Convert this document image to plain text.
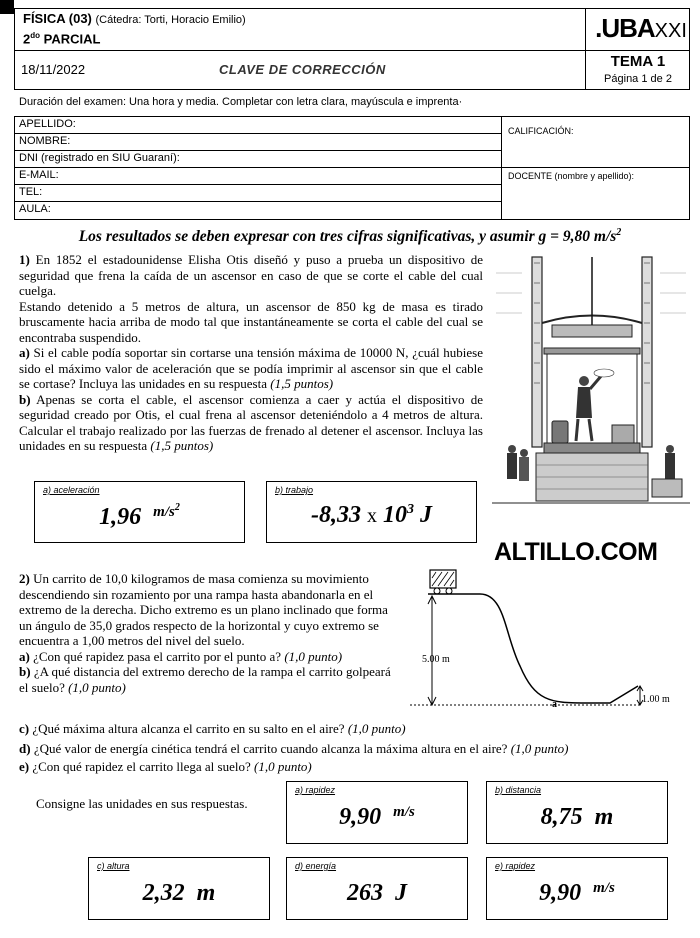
FÍSICA (03) (Cátedra: Torti, Horacio Emilio)
$2^{do}$ PARCIAL	.UBAXXI
18/11/2022	CLAVE DE CORRECCIÓN	TEMA 1
Página 1 de 2
Duración del examen: Una hora y media. Completar con letra clara, mayúscula e imprenta·
APELLIDO:
NOMBRE:
DNI (registrado en SIU Guaraní):
E-MAIL:
TEL:
AULA:
CALIFICACIÓN:
DOCENTE (nombre y apellido):
Los resultados se deben expresar con tres cifras significativas, y asumir g = 9,80 $m/s^2$

1) En 1852 el estadounidense Elisha Otis diseñó y puso a prueba un dispositivo de seguridad que frena la caída de un ascensor en caso de que se corte el cable del cual cuelga.

Estando detenido a 5 metros de altura, un ascensor de 850 kg de masa es tirado bruscamente hacia arriba de modo tal que instantáneamente se corta el cable del cual se encontraba suspendido.

a) Si el cable podía soportar sin cortarse una tensión máxima de 10000 N, ¿cuál hubiese sido el máximo valor de aceleración que se podía imprimir al ascensor sin que el cable se cortase? Incluya las unidades en su respuesta (1,5 puntos)

b) Apenas se corta el cable, el ascensor comienza a caer y actúa el dispositivo de seguridad creado por Otis, el cual frena al ascensor deteniéndolo a 4 metros de altura. Calcular el trabajo realizado por las fuerzas de frenado al detener el ascensor. Incluya las unidades en su respuesta (1,5 puntos)

a) aceleración
1,96 $^{m/s^2}$
b) trabajo
-8,33 x $10^3$ J
ALTILLO.COM

2) Un carrito de 10,0 kilogramos de masa comienza su movimiento descendiendo sin rozamiento por una rampa hasta abandonarla en el extremo de la derecha. Dicho extremo es un plano inclinado que forma un ángulo de 35,0 grados respecto de la horizontal y cuyo extremo se encuentra a 1,00 metros del nivel del suelo.

a) ¿Con qué rapidez pasa el carrito por el punto a? (1,0 punto)

b) ¿A qué distancia del extremo derecho de la rampa el carrito golpeará el suelo? (1,0 punto)

c) ¿Qué máxima altura alcanza el carrito en su salto en el aire? (1,0 punto)

d) ¿Qué valor de energía cinética tendrá el carrito cuando alcanza la máxima altura en el aire? (1,0 punto)

e) ¿Con qué rapidez el carrito llega al suelo? (1,0 punto)

5.00 m
1.00 m
a
Consigne las unidades en sus respuestas.
a) rapidez
9,90 $^{m/s}$
b) distancia
8,75 m
c) altura
2,32 m
d) energía
263 J
e) rapidez
9,90 $^{m/s}$
